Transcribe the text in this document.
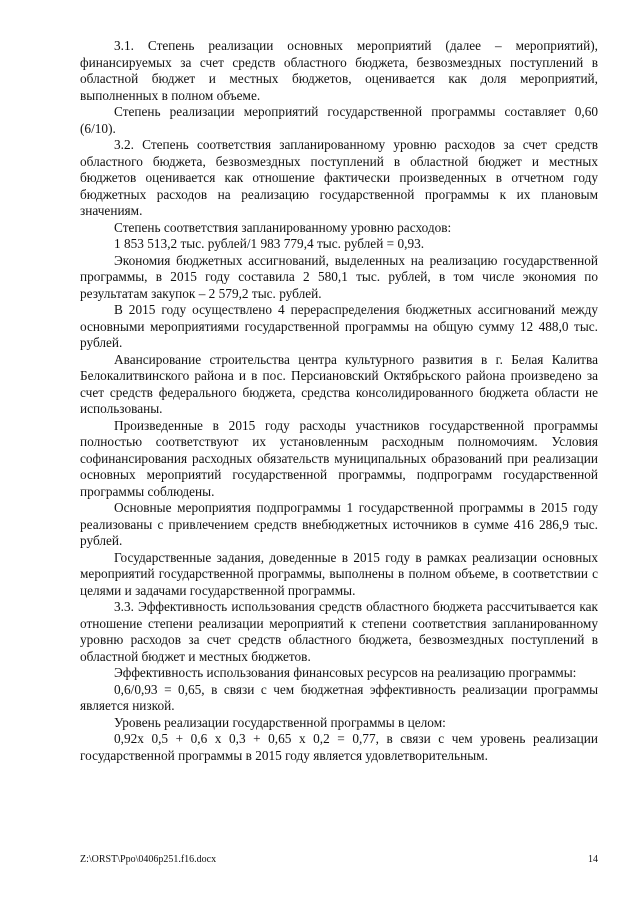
3.1. Степень реализации основных мероприятий (далее – мероприятий), финансируемых за счет средств областного бюджета, безвозмездных поступлений в областной бюджет и местных бюджетов, оценивается как доля мероприятий, выполненных в полном объеме.

Степень реализации мероприятий государственной программы составляет 0,60 (6/10).

3.2. Степень соответствия запланированному уровню расходов за счет средств областного бюджета, безвозмездных поступлений в областной бюджет и местных бюджетов оценивается как отношение фактически произведенных в отчетном году бюджетных расходов на реализацию государственной программы к их плановым значениям.

Степень соответствия запланированному уровню расходов:

1 853 513,2 тыс. рублей/1 983 779,4 тыс. рублей = 0,93.

Экономия бюджетных ассигнований, выделенных на реализацию государственной программы, в 2015 году составила 2 580,1 тыс. рублей, в том числе экономия по результатам закупок – 2 579,2 тыс. рублей.

В 2015 году осуществлено 4 перераспределения бюджетных ассигнований между основными мероприятиями государственной программы на общую сумму 12 488,0 тыс. рублей.

Авансирование строительства центра культурного развития в г. Белая Калитва Белокалитвинского района и в пос. Персиановский Октябрьского района произведено за счет средств федерального бюджета, средства консолидированного бюджета области не использованы.

Произведенные в 2015 году расходы участников государственной программы полностью соответствуют их установленным расходным полномочиям. Условия софинансирования расходных обязательств муниципальных образований при реализации основных мероприятий государственной программы, подпрограмм государственной программы соблюдены.

Основные мероприятия подпрограммы 1 государственной программы в 2015 году реализованы с привлечением средств внебюджетных источников в сумме 416 286,9 тыс. рублей.

Государственные задания, доведенные в 2015 году в рамках реализации основных мероприятий государственной программы, выполнены в полном объеме, в соответствии с целями и задачами государственной программы.

3.3. Эффективность использования средств областного бюджета рассчитывается как отношение степени реализации мероприятий к степени соответствия запланированному уровню расходов за счет средств областного бюджета, безвозмездных поступлений в областной бюджет и местных бюджетов.

Эффективность использования финансовых ресурсов на реализацию программы:

0,6/0,93 = 0,65, в связи с чем бюджетная эффективность реализации программы является низкой.

Уровень реализации государственной программы в целом:

0,92x 0,5 + 0,6 x 0,3 + 0,65 x 0,2 = 0,77, в связи с чем уровень реализации государственной программы в 2015 году является удовлетворительным.

Z:\ORST\Ppo\0406p251.f16.docx	14
